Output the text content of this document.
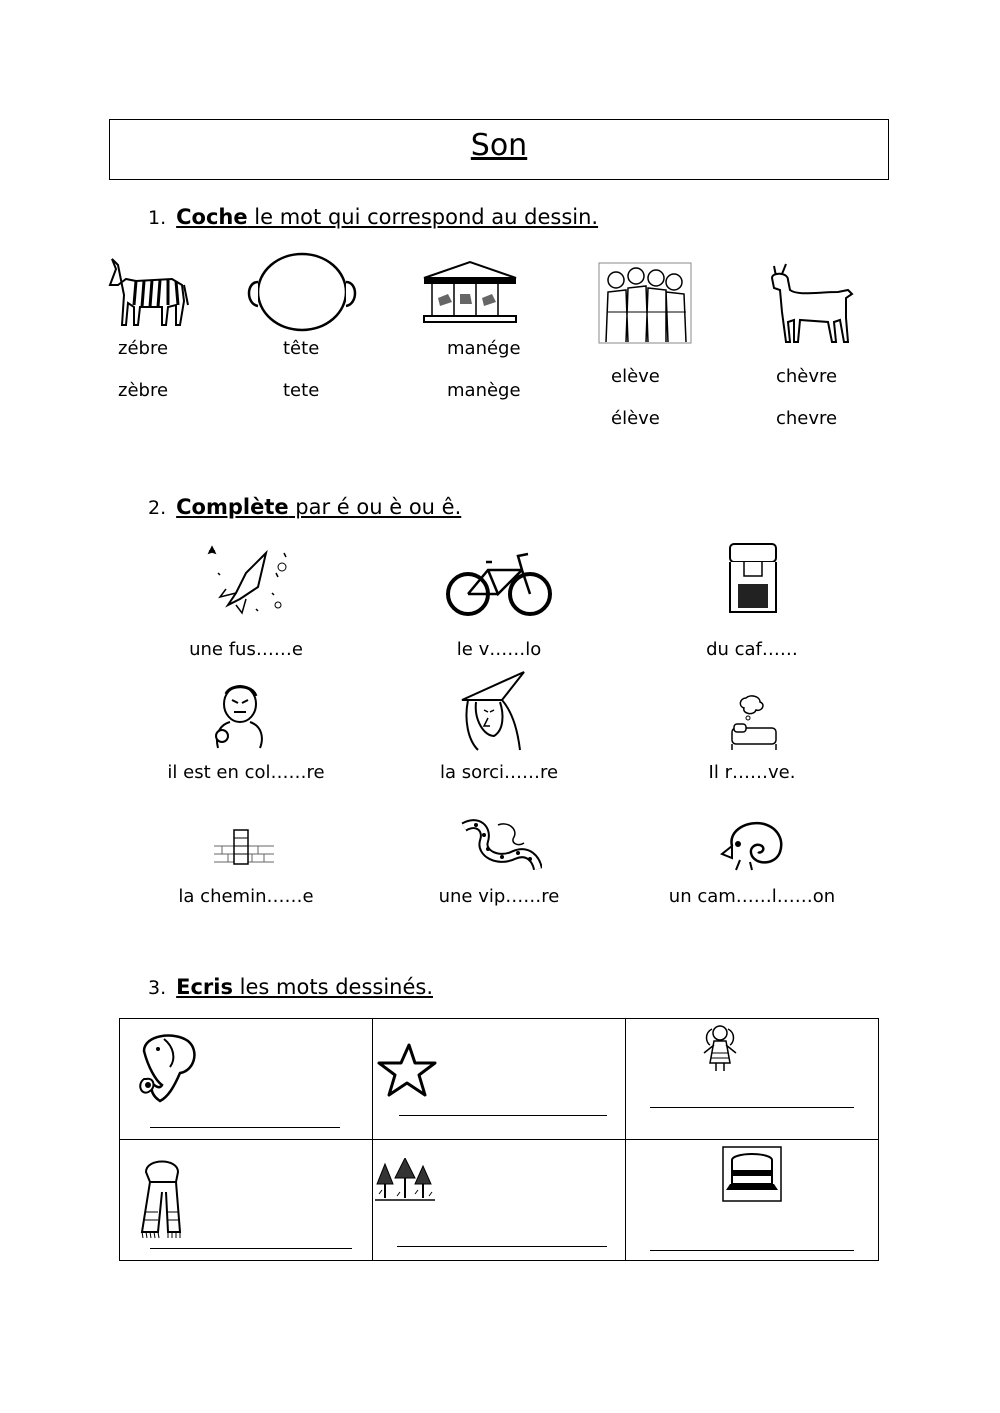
Son
1. Coche le mot qui correspond au dessin.
zébre
zèbre
tête
tete
manége
manège
elève
élève
chèvre
chevre
2. Complète par é ou è ou ê.
une fus……e	le v……lo	du caf……
il est en col……re	la sorci……re	Il r……ve.
la chemin……e	une vip……re	un cam……l……on
3. Ecris les mots dessinés.
